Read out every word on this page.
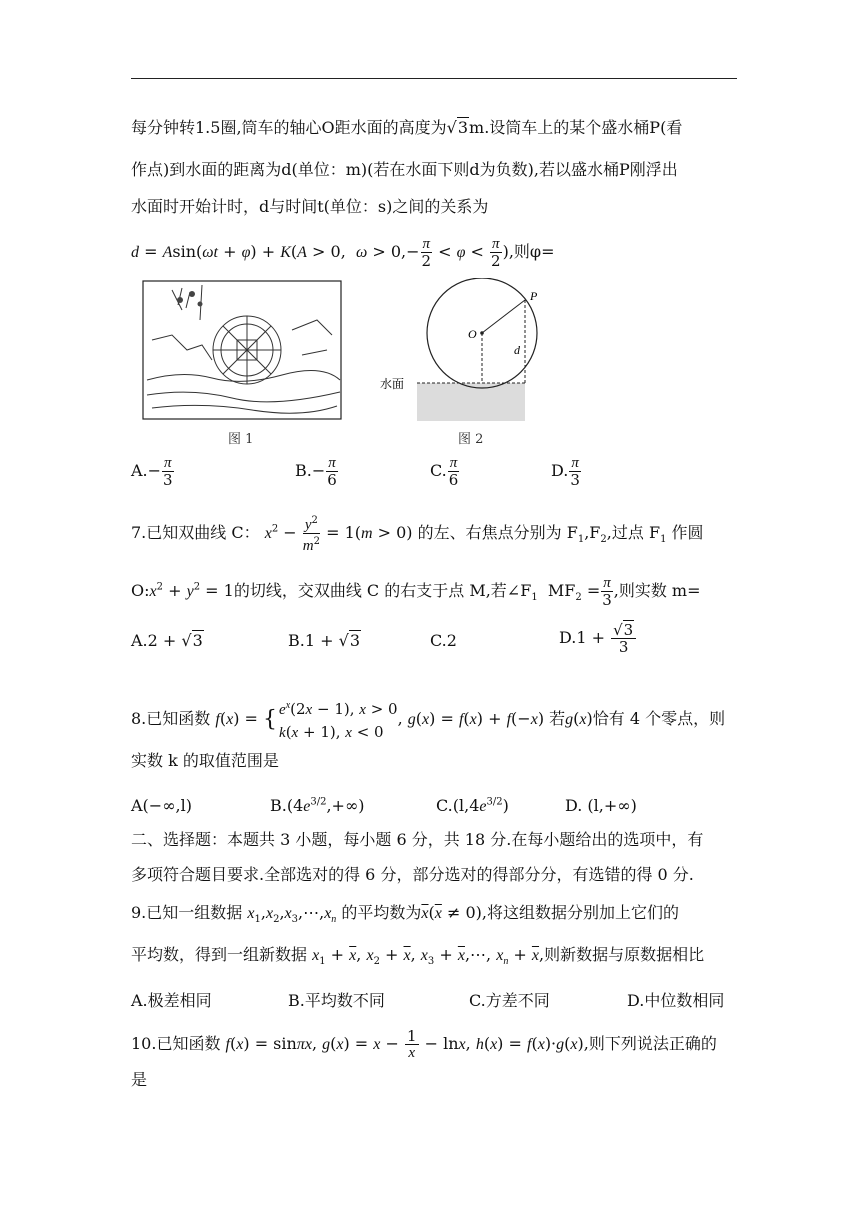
每分钟转1.5圈,筒车的轴心O距水面的高度为√3m.设筒车上的某个盛水桶P(看
作点)到水面的距离为d(单位：m)(若在水面下则d为负数),若以盛水桶P刚浮出
水面时开始计时，d与时间t(单位：s)之间的关系为
d = Asin(ωt + φ) + K(A > 0,  $\omega > 0,- \frac{\pi}{2} < \varphi < \frac{\pi}{2}$ ),则φ=
图 1
O
P
d
水面
图 2
$A.- \frac{\pi}{3}$	$B.- \frac{\pi}{6}$	C. $\frac{\pi}{6}$	D. $\frac{\pi}{3}$
7.已知双曲线 C： $x^2 - \frac{y^2}{m^2} = 1(m > 0)$ 的左、右焦点分别为 $F_1,F_2$,过点 $F_1$ 作圆
$O:x^2 + y^2 = 1$的切线，交双曲线 C 的右支于点 M,若$\angle F_1$ $MF_2 = \frac{\pi}{3}$ ,则实数 m=
A.2 + √3	B.1 + √3	C.2	$D.1 + \frac{√3}{3}$
8.已知函数 f(x) = { $e^x(2x - 1)$, x > 0
k(x + 1), x < 0
, g(x) = f(x) + f(−x) 若g(x)恰有 4 个零点，则
实数 k 的取值范围是
A(−∞,l)	$B.(4e^{3/2},+\infty)$	$C.(l,4e^{3/2})$	D. (l,+∞)
二、选择题：本题共 3 小题，每小题 6 分，共 18 分.在每小题给出的选项中，有
多项符合题目要求.全部选对的得 6 分，部分选对的得部分分，有选错的得 0 分.
9.已知一组数据 $x_1,x_2,x_3,\cdots,x_n$ 的平均数为$\overline{x}(\overline{x} \ne 0)$,将这组数据分别加上它们的
平均数，得到一组新数据 $x_1 + \overline{x}$, $x_2 + \overline{x}$, $x_3$ + $\overline{x},\cdots$, $x_n + \overline{x}$,则新数据与原数据相比
A.极差相同	B.平均数不同	C.方差不同	D.中位数相同
10.已知函数 f(x) = sinπx, $g(x) = x - \frac{1}{x} - \ln x$, h(x) = f(x)·g(x),则下列说法正确的
是
